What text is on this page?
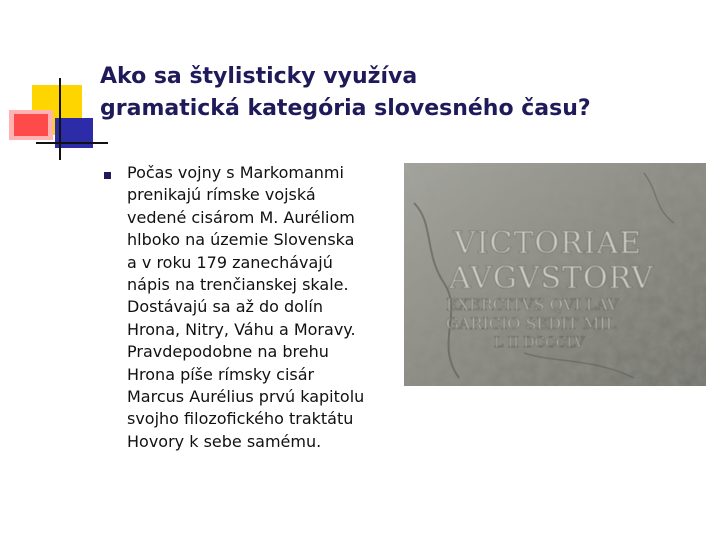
Ako sa štylisticky využíva
gramatická kategória slovesného času?
Počas vojny s Markomanmi
prenikajú rímske vojská
vedené cisárom M. Auréliom
hlboko na územie Slovenska
a v roku 179 zanechávajú
nápis na trenčianskej skale.
Dostávajú sa až do dolín
Hrona, Nitry, Váhu a Moravy.
Pravdepodobne na brehu
Hrona píše rímsky cisár
Marcus Aurélius prvú kapitolu
svojho filozofického traktátu
Hovory k sebe samému.
VICTORIAE
AVGVSTORV
EXERCITVS QVI LAV
GARICIO SEDIT MIL
L II DCCCLV
